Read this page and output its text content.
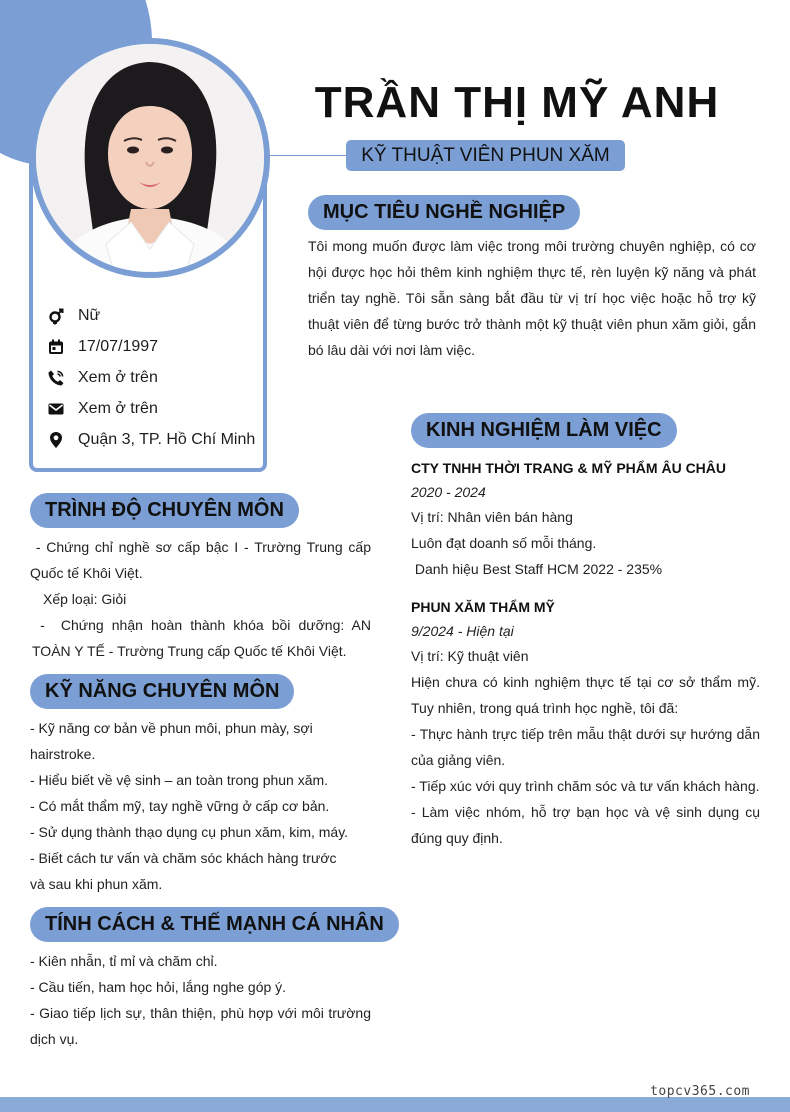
topcv365.com
Nữ
17/07/1997
Xem ở trên
Xem ở trên
Quận 3, TP. Hồ Chí Minh
TRẦN THỊ MỸ ANH
KỸ THUẬT VIÊN PHUN XĂM
MỤC TIÊU NGHỀ NGHIỆP
Tôi mong muốn được làm việc trong môi trường chuyên nghiệp, có cơ hội được học hỏi thêm kinh nghiệm thực tế, rèn luyện kỹ năng và phát triển tay nghề. Tôi sẵn sàng bắt đầu từ vị trí học việc hoặc hỗ trợ kỹ thuật viên để từng bước trở thành một kỹ thuật viên phun xăm giỏi, gắn bó lâu dài với nơi làm việc.
TRÌNH ĐỘ CHUYÊN MÔN

- Chứng chỉ nghề sơ cấp bậc I - Trường Trung cấp Quốc tế Khôi Việt.

Xếp loại: Giỏi

-  Chứng nhận hoàn thành khóa bồi dưỡng: AN TOÀN Y TẾ - Trường Trung cấp Quốc tế Khôi Việt.

KỸ NĂNG CHUYÊN MÔN

- Kỹ năng cơ bản về phun môi, phun mày, sợi hairstroke.

- Hiểu biết về vệ sinh – an toàn trong phun xăm.

- Có mắt thẩm mỹ, tay nghề vững ở cấp cơ bản.

- Sử dụng thành thạo dụng cụ phun xăm, kim, máy.

- Biết cách tư vấn và chăm sóc khách hàng trước và sau khi phun xăm.

TÍNH CÁCH & THẾ MẠNH CÁ NHÂN

- Kiên nhẫn, tỉ mỉ và chăm chỉ.

- Cầu tiến, ham học hỏi, lắng nghe góp ý.

- Giao tiếp lịch sự, thân thiện, phù hợp với môi trường dịch vụ.

KINH NGHIỆM LÀM VIỆC
CTY TNHH THỜI TRANG & MỸ PHẨM ÂU CHÂU
2020 - 2024

Vị trí: Nhân viên bán hàng

Luôn đạt doanh số mỗi tháng.

Danh hiệu Best Staff HCM 2022 - 235%

PHUN XĂM THẨM MỸ
9/2024 - Hiện tại

Vị trí: Kỹ thuật viên

Hiện chưa có kinh nghiệm thực tế tại cơ sở thẩm mỹ. Tuy nhiên, trong quá trình học nghề, tôi đã:

- Thực hành trực tiếp trên mẫu thật dưới sự hướng dẫn của giảng viên.

- Tiếp xúc với quy trình chăm sóc và tư vấn khách hàng.

- Làm việc nhóm, hỗ trợ bạn học và vệ sinh dụng cụ đúng quy định.
